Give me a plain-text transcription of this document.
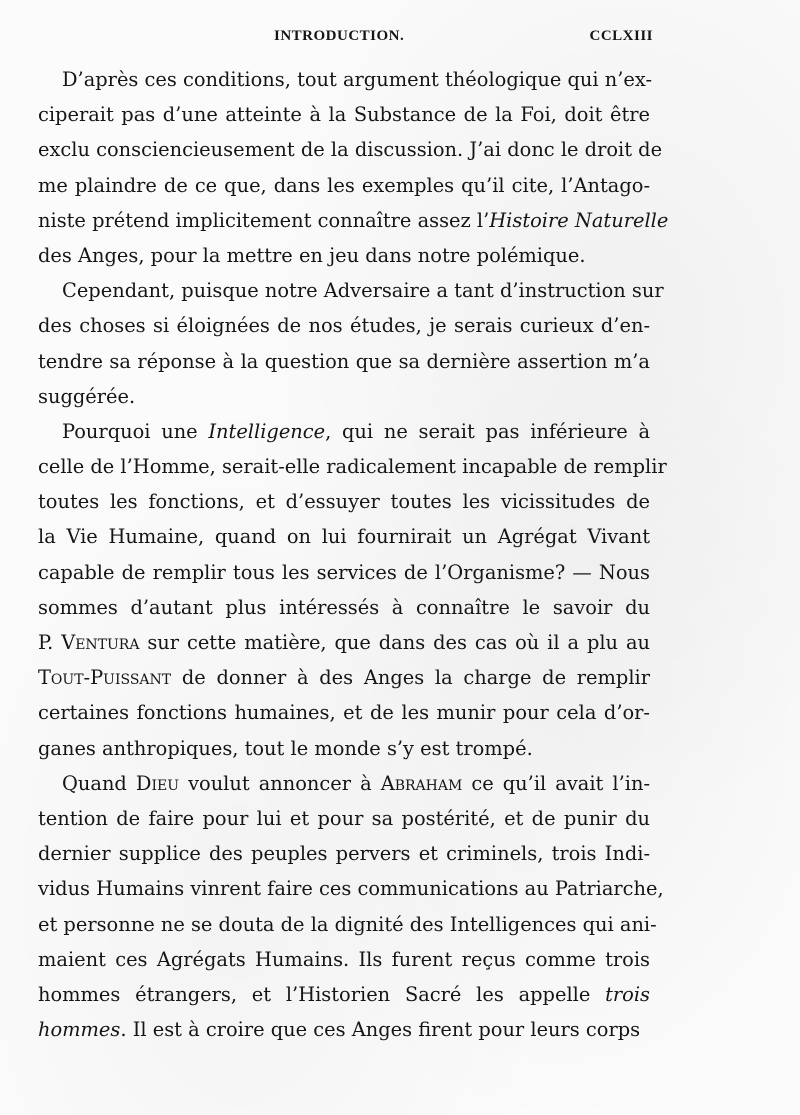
INTRODUCTION.	CCLXIII
D’après ces conditions, tout argument théologique qui n’ex-
ciperait pas d’une atteinte à la Substance de la Foi, doit être
exclu consciencieusement de la discussion. J’ai donc le droit de
me plaindre de ce que, dans les exemples qu’il cite, l’Antago-
niste prétend implicitement connaître assez l’Histoire Naturelle
des Anges, pour la mettre en jeu dans notre polémique.
Cependant, puisque notre Adversaire a tant d’instruction sur
des choses si éloignées de nos études, je serais curieux d’en-
tendre sa réponse à la question que sa dernière assertion m’a
suggérée.
Pourquoi une Intelligence, qui ne serait pas inférieure à
celle de l’Homme, serait-elle radicalement incapable de remplir
toutes les fonctions, et d’essuyer toutes les vicissitudes de
la Vie Humaine, quand on lui fournirait un Agrégat Vivant
capable de remplir tous les services de l’Organisme? — Nous
sommes d’autant plus intéressés à connaître le savoir du
P. Ventura sur cette matière, que dans des cas où il a plu au
Tout-Puissant de donner à des Anges la charge de remplir
certaines fonctions humaines, et de les munir pour cela d’or-
ganes anthropiques, tout le monde s’y est trompé.
Quand Dieu voulut annoncer à Abraham ce qu’il avait l’in-
tention de faire pour lui et pour sa postérité, et de punir du
dernier supplice des peuples pervers et criminels, trois Indi-
vidus Humains vinrent faire ces communications au Patriarche,
et personne ne se douta de la dignité des Intelligences qui ani-
maient ces Agrégats Humains. Ils furent reçus comme trois
hommes étrangers, et l’Historien Sacré les appelle trois
hommes. Il est à croire que ces Anges firent pour leurs corps
